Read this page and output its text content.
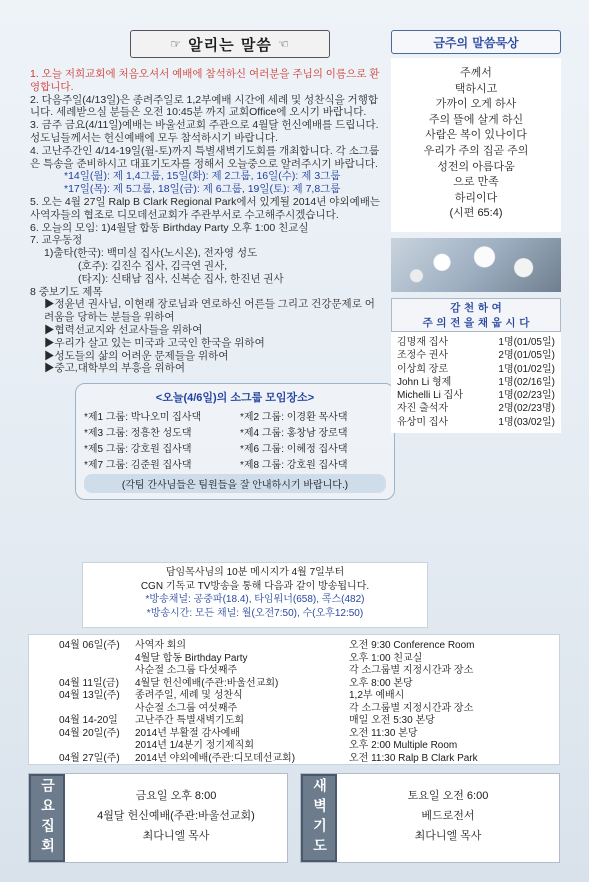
☞ 알리는 말씀 ☜
1. 오늘 저희교회에 처음오셔서 예배에 참석하신 여러분을 주님의 이름으로 환영합니다.
2. 다음주일(4/13일)은 종려주일로 1,2부예배 시간에 세례 및 성찬식을 거행합니다. 세례받으실 분들은 오전 10:45분 까지 교회Office에 오시기 바랍니다.
3. 금주 금요(4/11일)예배는 바울선교회 주관으로 4월달 헌신예배를 드립니다. 성도님들께서는 헌신예배에 모두 참석하시기 바랍니다.
4. 고난주간인 4/14-19일(월-토)까지 특별새벽기도회를 개최합니다. 각 소그룹은 특송을 준비하시고 대표기도자를 정해서 오늘중으로 알려주시기 바랍니다.
*14일(월): 제 1,4그룹, 15일(화): 제 2그룹, 16일(수): 제 3그룹
*17일(목): 제 5그룹, 18일(금): 제 6그룹, 19일(토): 제 7,8그룹
5. 오는 4월 27일 Ralp B Clark Regional Park에서 있게될 2014년 야외예배는 사역자들의 협조로 디모데선교회가 주관부서로 수고해주시겠습니다.
6. 오늘의 모임: 1)4월달 합동 Birthday Party 오후 1:00 친교실
7. 교우동정
1)출타(한국): 백미실 집사(노시온), 전자영 성도
(호주): 김진수 집사, 김극연 권사,
(타지): 신태남 집사, 신복순 집사, 한진년 권사
8 중보기도 제목
▶정윤년 권사님, 이현래 장로님과 연로하신 어른들 그리고 건강문제로 어려움을 당하는 분들을 위하여
▶협력선교지와 선교사들을 위하여
▶우리가 살고 있는 미국과 고국인 한국을 위하여
▶성도들의 삶의 어려운 문제들을 위하여
▶중고,대학부의 부흥을 위하여
<오늘(4/6일)의 소그룹 모임장소>
*제1 그룹: 박나오미 집사댁	*제2 그룹: 이경환 목사댁
*제3 그룹: 정흥찬 성도댁	*제4 그룹: 홍창남 장로댁
*제5 그룹: 강호원 집사댁	*제6 그룹: 이혜정 집사댁
*제7 그룹: 김준원 집사댁	*제8 그룹: 강호원 집사댁
(각팀 간사님들은 팀원들을 잘 안내하시기 바랍니다.)
금주의 말씀묵상
주께서
택하시고
가까이 오게 하사
주의 뜰에 살게 하신
사람은 복이 있나이다
우리가 주의 집곧 주의
성전의 아름다움
으로 만족
하리이다
(시편 65:4)
감 천 하 여
주 의 전 을 채 웁 시 다
김명재 집사	1명(01/05일)
조정수 권사	2명(01/05일)
이상희 장로	1명(01/02일)
John Li 형제	1명(02/16일)
Michelli Li 집사	1명(02/23일)
자진 출석자	2명(02/23명)
유상미 집사	1명(03/02일)
담임목사님의 10분 메시지가 4월 7일부터
CGN 기독교 TV방송을 통해 다음과 같이 방송됩니다.
*방송채널: 공중파(18.4), 타임워너(658), 콕스(482)
*방송시간: 모든 채널: 월(오전7:50), 수(오후12:50)
04월 06일(주)	사역자 회의	오전 9:30 Conference Room
4월달 합동 Birthday Party	오후 1:00 친교실
사순절 소그룹 다섯째주	각 소그룹별 지정시간과 장소
04월 11일(금)	4월달 헌신예배(주관:바울선교회)	오후 8:00 본당
04월 13일(주)	종려주일, 세례 및 성찬식	1,2부 예배시
사순절 소그룹 여섯째주	각 소그룹별 지정시간과 장소
04월 14-20일	고난주간 특별새벽기도회	매일 오전 5:30 본당
04월 20일(주)	2014년 부활절 감사예배	오전 11:30 본당
2014년 1/4분기 정기제직회	오후 2:00 Multiple Room
04월 27일(주)	2014년 야외예배(주관:디모데선교회)	오전 11:30 Ralp B Clark Park
금요집회	금요일 오후 8:00
4월달 헌신예배(주관:바울선교회)
최다니엘 목사	새벽기도	토요일 오전 6:00
베드로전서
최다니엘 목사
